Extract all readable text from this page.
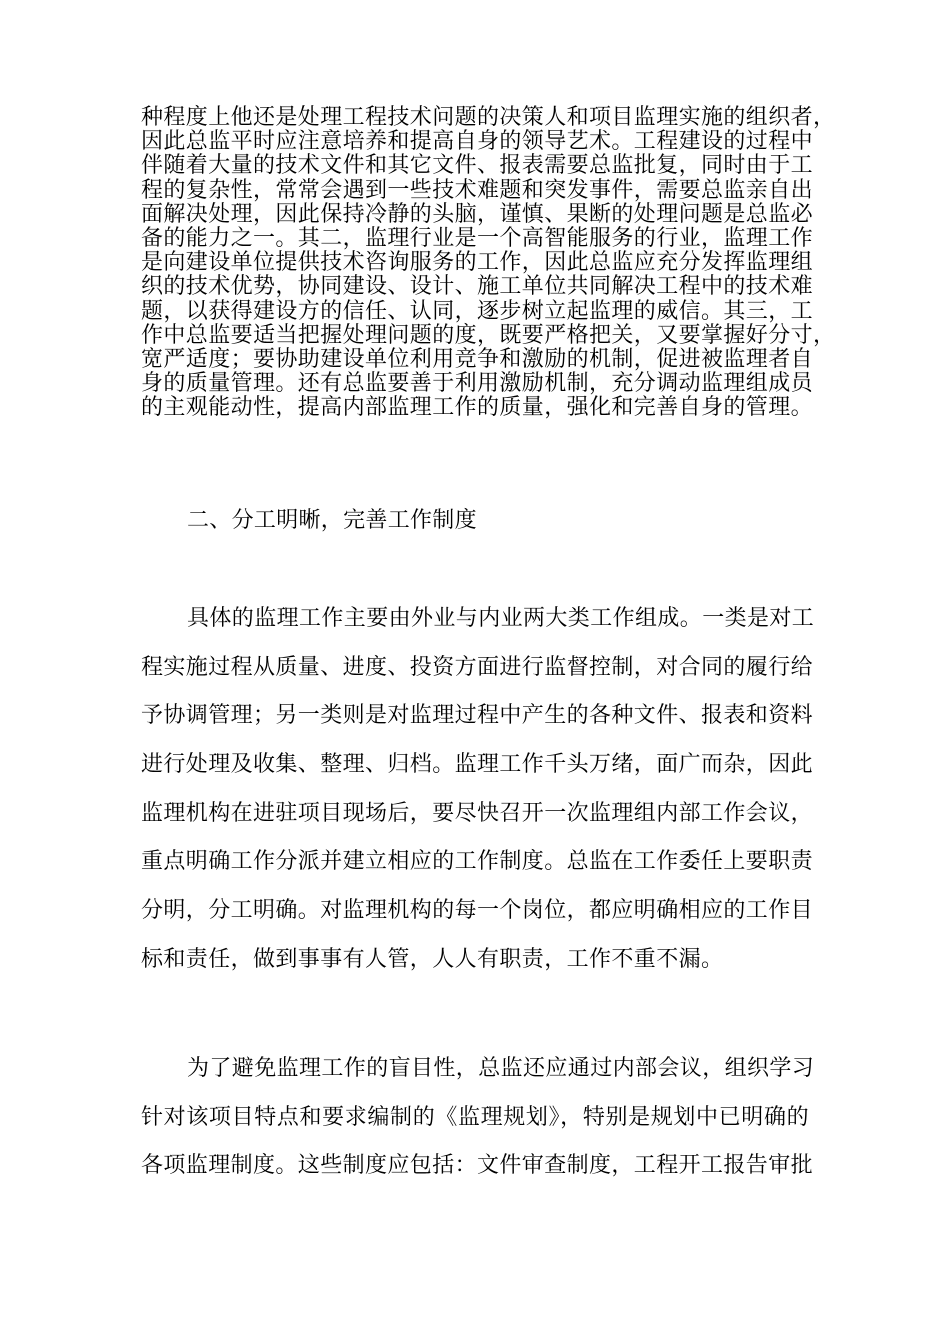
种程度上他还是处理工程技术问题的决策人和项目监理实施的组织者，
因此总监平时应注意培养和提高自身的领导艺术。工程建设的过程中
伴随着大量的技术文件和其它文件、报表需要总监批复，同时由于工
程的复杂性，常常会遇到一些技术难题和突发事件，需要总监亲自出
面解决处理，因此保持冷静的头脑，谨慎、果断的处理问题是总监必
备的能力之一。其二，监理行业是一个高智能服务的行业，监理工作
是向建设单位提供技术咨询服务的工作，因此总监应充分发挥监理组
织的技术优势，协同建设、设计、施工单位共同解决工程中的技术难
题，以获得建设方的信任、认同，逐步树立起监理的威信。其三，工
作中总监要适当把握处理问题的度，既要严格把关，又要掌握好分寸，
宽严适度；要协助建设单位利用竞争和激励的机制，促进被监理者自
身的质量管理。还有总监要善于利用激励机制，充分调动监理组成员
的主观能动性，提高内部监理工作的质量，强化和完善自身的管理。
二、分工明晰，完善工作制度
具体的监理工作主要由外业与内业两大类工作组成。一类是对工
程实施过程从质量、进度、投资方面进行监督控制，对合同的履行给
予协调管理；另一类则是对监理过程中产生的各种文件、报表和资料
进行处理及收集、整理、归档。监理工作千头万绪，面广而杂，因此
监理机构在进驻项目现场后，要尽快召开一次监理组内部工作会议，
重点明确工作分派并建立相应的工作制度。总监在工作委任上要职责
分明，分工明确。对监理机构的每一个岗位，都应明确相应的工作目
标和责任，做到事事有人管，人人有职责，工作不重不漏。
为了避免监理工作的盲目性，总监还应通过内部会议，组织学习
针对该项目特点和要求编制的《监理规划》，特别是规划中已明确的
各项监理制度。这些制度应包括：文件审查制度，工程开工报告审批
